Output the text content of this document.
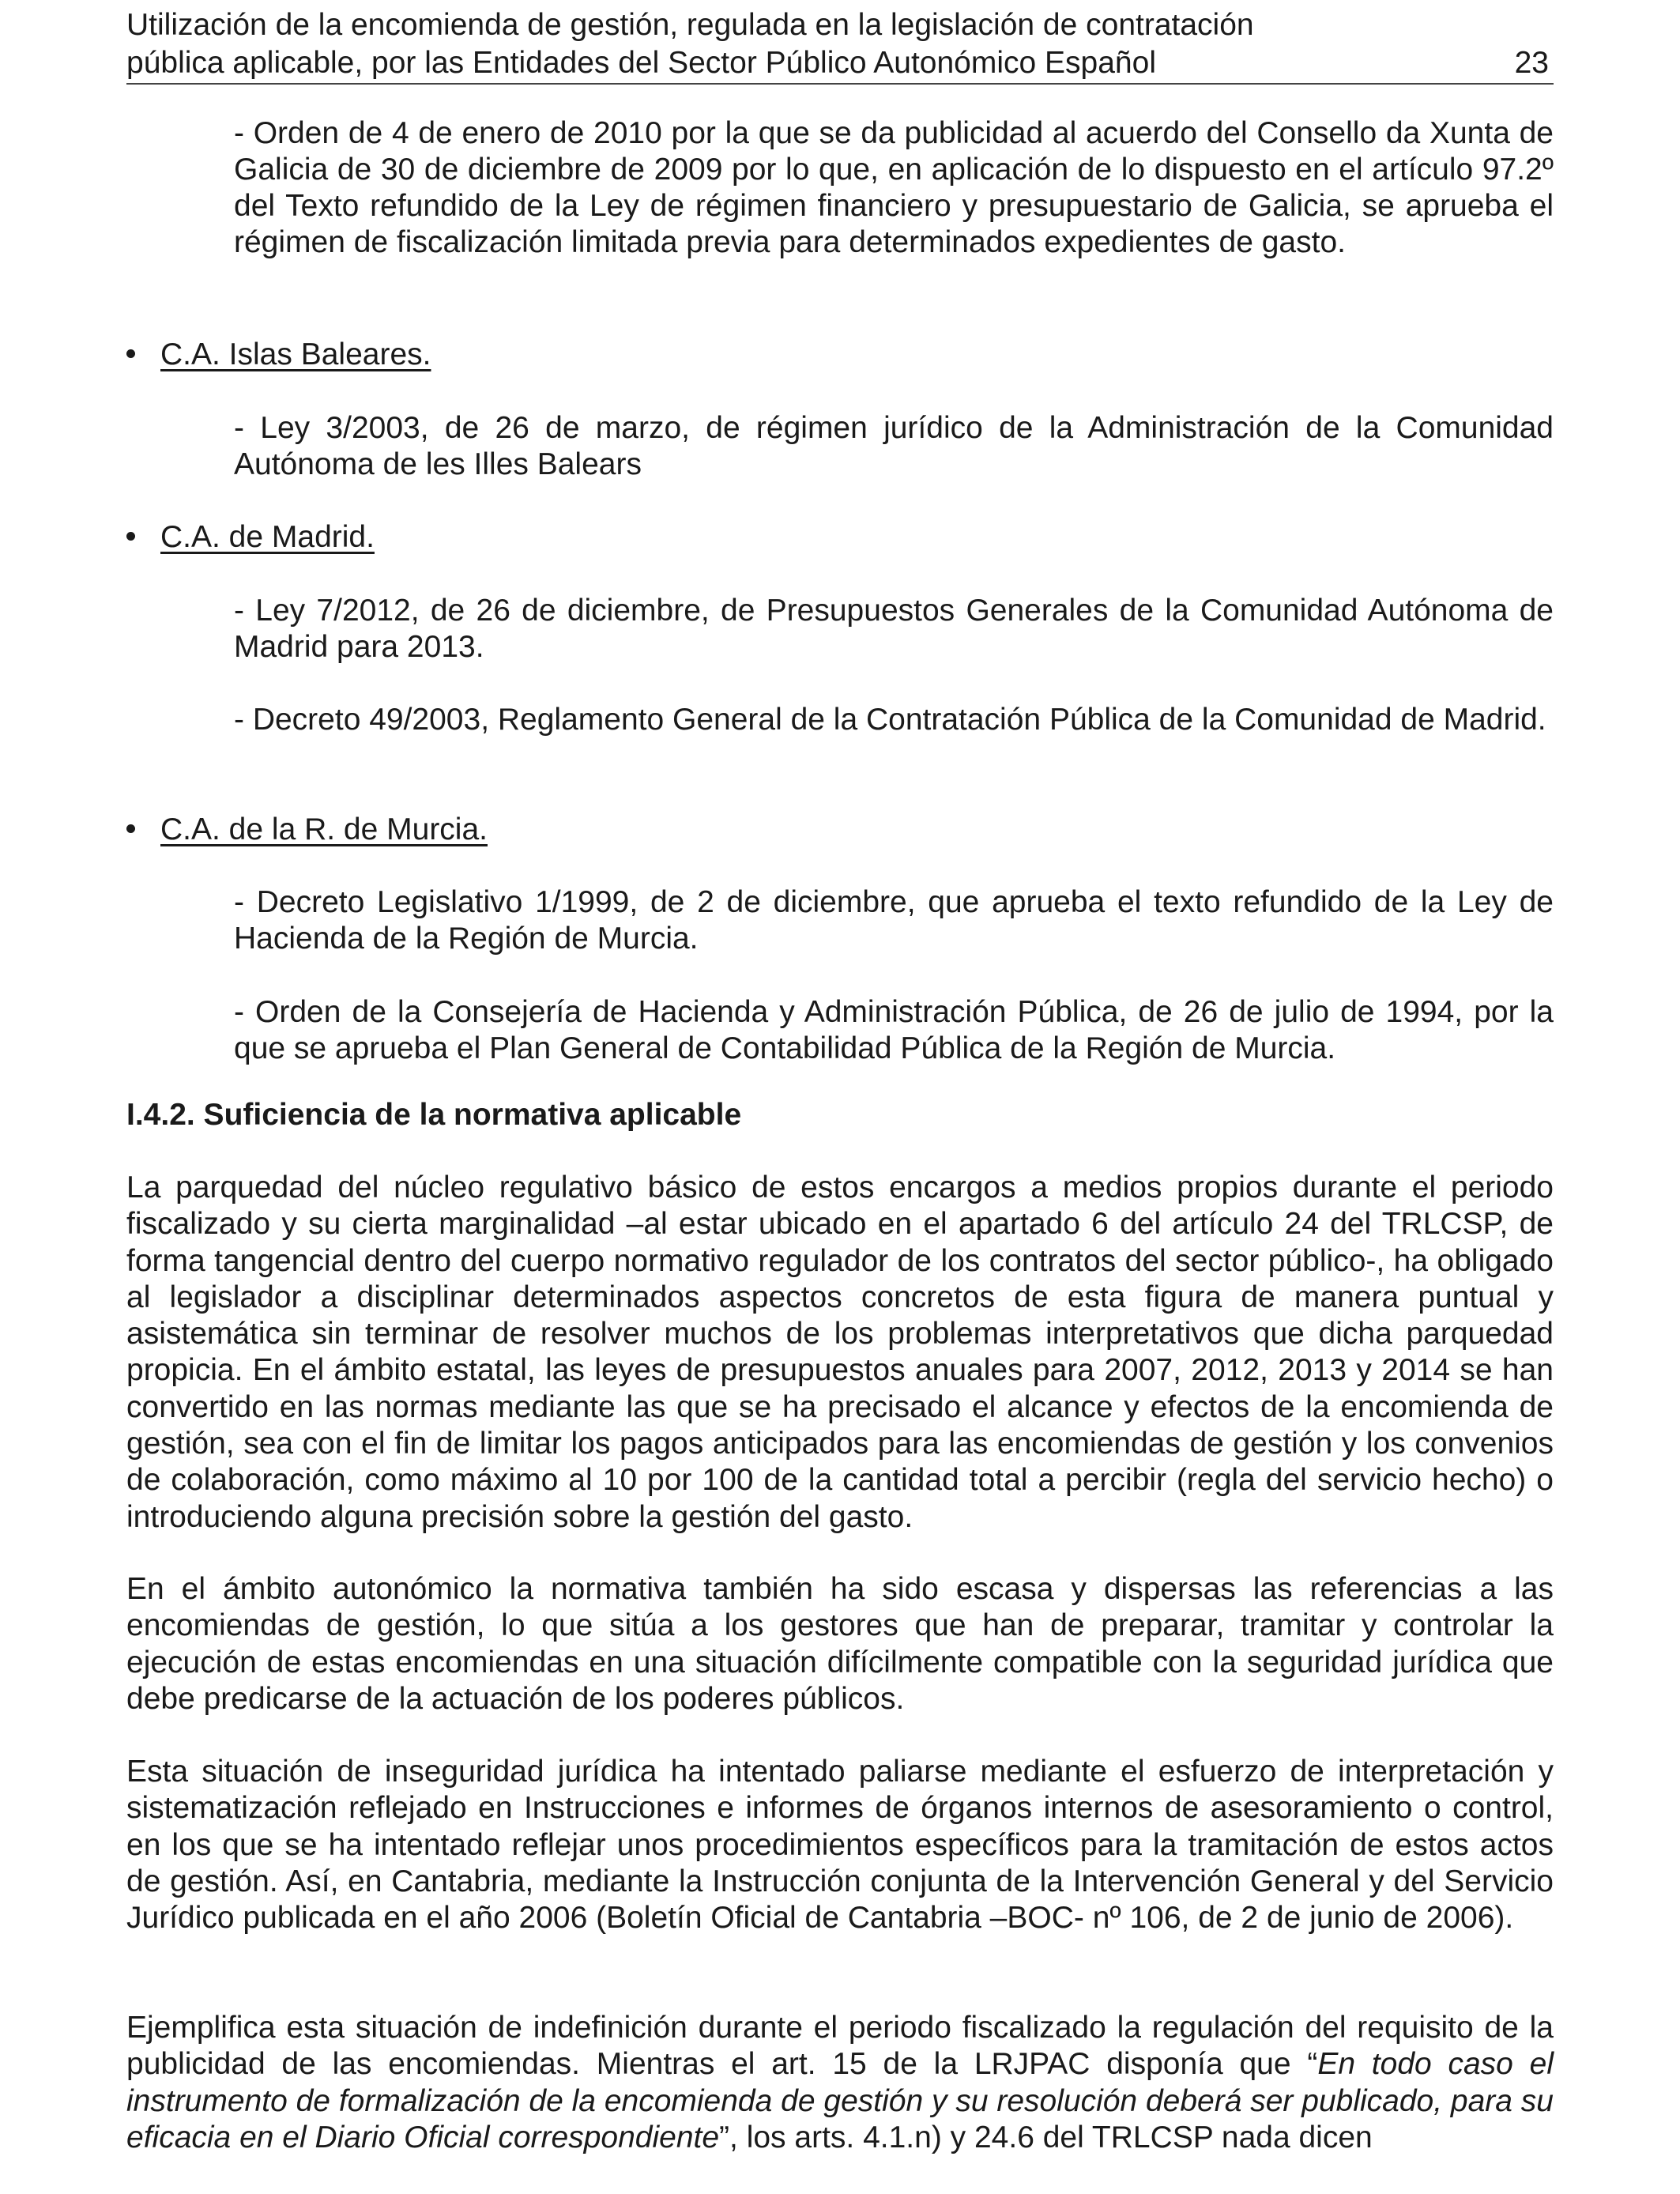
Utilización de la encomienda de gestión, regulada en la legislación de contratación
pública aplicable, por las Entidades del Sector Público Autonómico Español	23
- Orden de 4 de enero de 2010 por la que se da publicidad al acuerdo del Consello da Xunta de Galicia de 30 de diciembre de 2009 por lo que, en aplicación de lo dispuesto en el artículo 97.2º del Texto refundido de la Ley de régimen financiero y presupuestario de Galicia, se aprueba el régimen de fiscalización limitada previa para determinados expedientes de gasto.
C.A. Islas Baleares.
- Ley 3/2003, de 26 de marzo, de régimen jurídico de la Administración de la Comunidad Autónoma de les Illes Balears
C.A. de Madrid.
- Ley 7/2012, de 26 de diciembre, de Presupuestos Generales de la Comunidad Autónoma de Madrid para 2013.
- Decreto 49/2003, Reglamento General de la Contratación Pública de la Comunidad de Madrid.
C.A. de la R. de Murcia.
- Decreto Legislativo 1/1999, de 2 de diciembre, que aprueba el texto refundido de la Ley de Hacienda de la Región de Murcia.
- Orden de la Consejería de Hacienda y Administración Pública, de 26 de julio de 1994, por la que se aprueba el Plan General de Contabilidad Pública de la Región de Murcia.
I.4.2. Suficiencia de la normativa aplicable
La parquedad del núcleo regulativo básico de estos encargos a medios propios durante el periodo fiscalizado y su cierta marginalidad –al estar ubicado en el apartado 6 del artículo 24 del TRLCSP, de forma tangencial dentro del cuerpo normativo regulador de los contratos del sector público-, ha obligado al legislador a disciplinar determinados aspectos concretos de esta figura de manera puntual y asistemática sin terminar de resolver muchos de los problemas interpretativos que dicha parquedad propicia. En el ámbito estatal, las leyes de presupuestos anuales para 2007, 2012, 2013 y 2014 se han convertido en las normas mediante las que se ha precisado el alcance y efectos de la encomienda de gestión, sea con el fin de limitar los pagos anticipados para las encomiendas de gestión y los convenios de colaboración, como máximo al 10 por 100 de la cantidad total a percibir (regla del servicio hecho) o introduciendo alguna precisión sobre la gestión del gasto.
En el ámbito autonómico la normativa también ha sido escasa y dispersas las referencias a las encomiendas de gestión, lo que sitúa a los gestores que han de preparar, tramitar y controlar la ejecución de estas encomiendas en una situación difícilmente compatible con la seguridad jurídica que debe predicarse de la actuación de los poderes públicos.
Esta situación de inseguridad jurídica ha intentado paliarse mediante el esfuerzo de interpretación y sistematización reflejado en Instrucciones e informes de órganos internos de asesoramiento o control, en los que se ha intentado reflejar unos procedimientos específicos para la tramitación de estos actos de gestión. Así, en Cantabria, mediante la Instrucción conjunta de la Intervención General y del Servicio Jurídico publicada en el año 2006 (Boletín Oficial de Cantabria –BOC- nº 106, de 2 de junio de 2006).
Ejemplifica esta situación de indefinición durante el periodo fiscalizado la regulación del requisito de la publicidad de las encomiendas. Mientras el art. 15 de la LRJPAC disponía que “En todo caso el instrumento de formalización de la encomienda de gestión y su resolución deberá ser publicado, para su eficacia en el Diario Oficial correspondiente”, los arts. 4.1.n) y 24.6 del TRLCSP nada dicen
